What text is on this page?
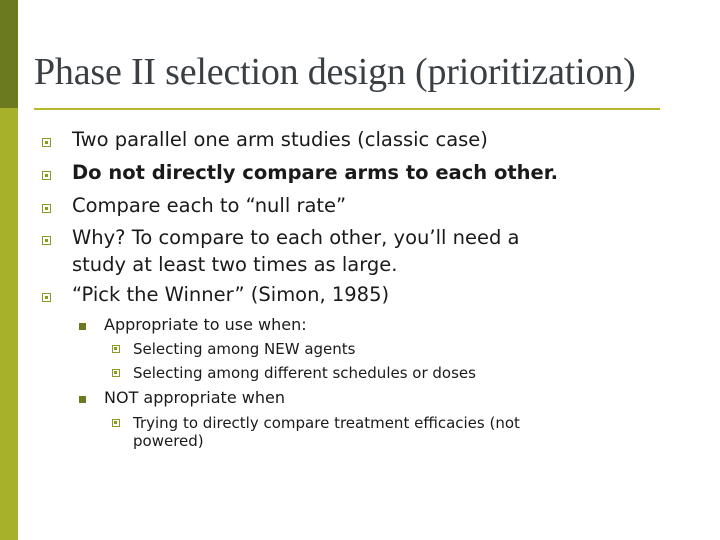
Phase II selection design (prioritization)
Two parallel one arm studies (classic case)
Do not directly compare arms to each other.
Compare each to “null rate”
Why? To compare to each other, you’ll need a
study at least two times as large.
“Pick the Winner” (Simon, 1985)
Appropriate to use when:
Selecting among NEW agents
Selecting among different schedules or doses
NOT appropriate when
Trying to directly compare treatment efficacies (not
powered)
